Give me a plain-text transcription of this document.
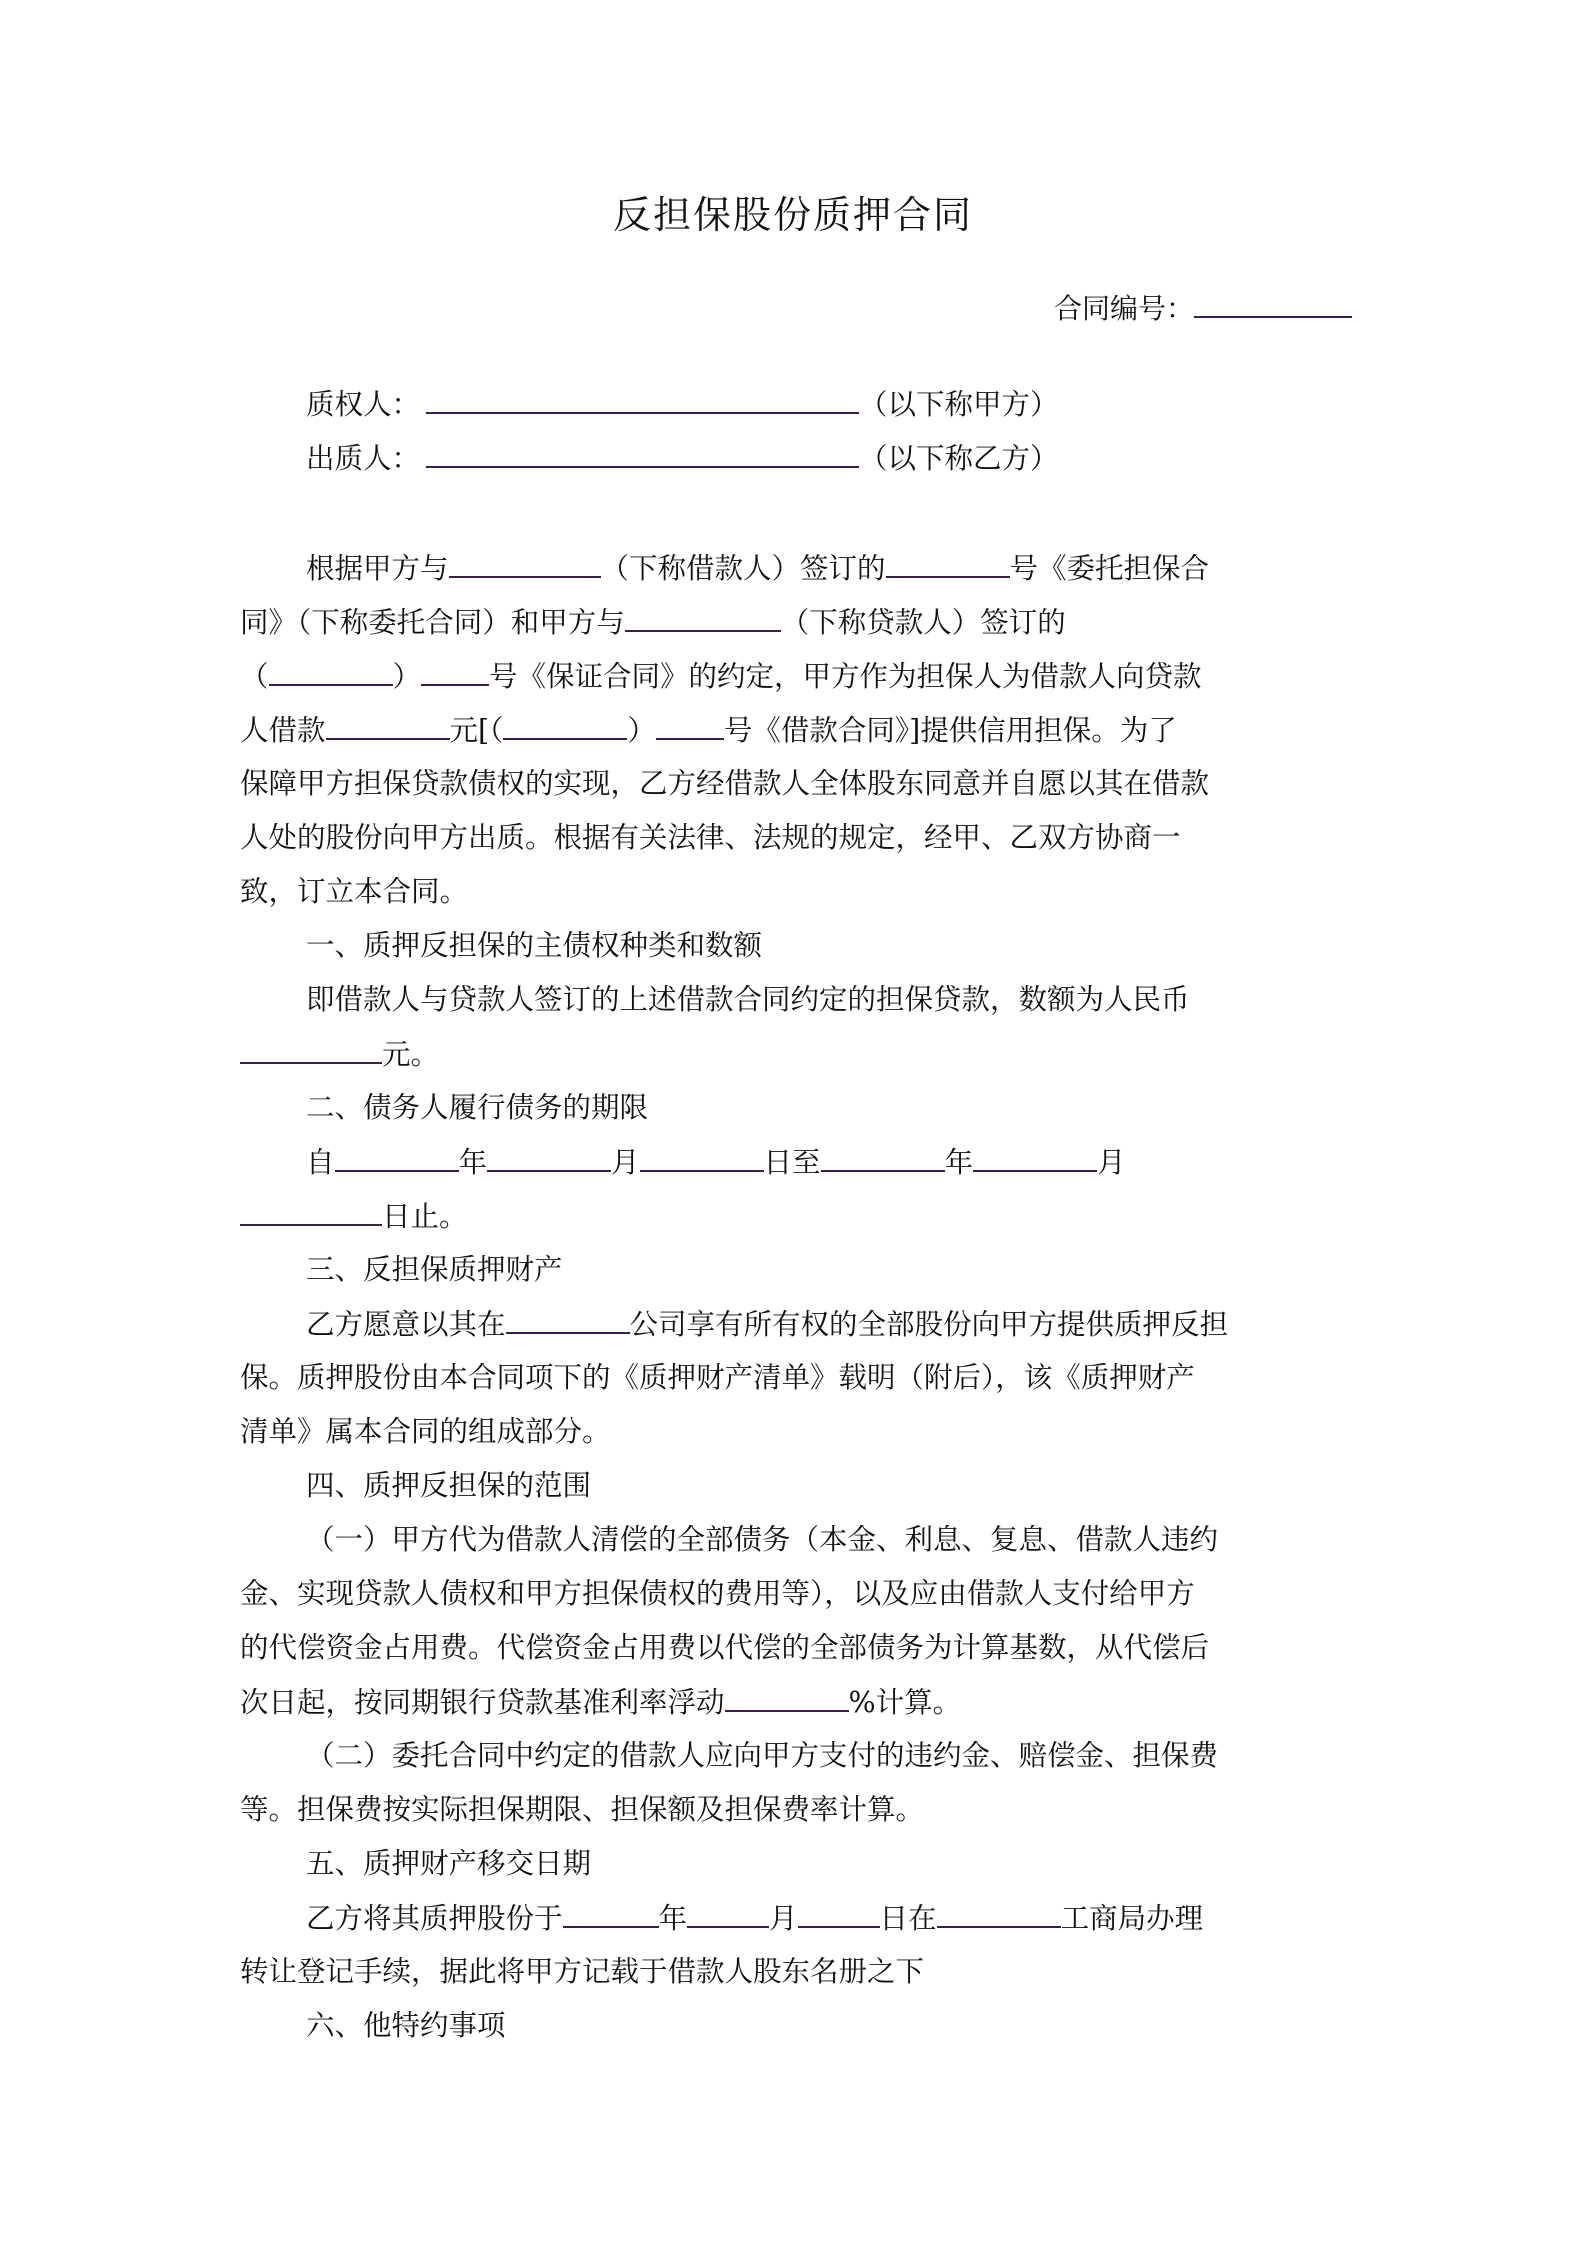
反担保股份质押合同
合同编号：
质权人：	（以下称甲方）
出质人：	（以下称乙方）
根据甲方与	（下称借款人）签订的	号《委托担保合
同》（下称委托合同）和甲方与	（下称贷款人）签订的
（	） 号《保证合同》的约定，甲方作为担保人为借款人向贷款
人借款	元[（	） 号《借款合同》]提供信用担保。为了
保障甲方担保贷款债权的实现，乙方经借款人全体股东同意并自愿以其在借款
人处的股份向甲方出质。根据有关法律、法规的规定，经甲、乙双方协商一
致，订立本合同。
一、质押反担保的主债权种类和数额
即借款人与贷款人签订的上述借款合同约定的担保贷款，数额为人民币
元。
二、债务人履行债务的期限
自	年	月	日至	年	月
日止。
三、反担保质押财产
乙方愿意以其在	公司享有所有权的全部股份向甲方提供质押反担
保。质押股份由本合同项下的《质押财产清单》载明（附后），该《质押财产
清单》属本合同的组成部分。
四、质押反担保的范围
（一）甲方代为借款人清偿的全部债务（本金、利息、复息、借款人违约
金、实现贷款人债权和甲方担保债权的费用等），以及应由借款人支付给甲方
的代偿资金占用费。代偿资金占用费以代偿的全部债务为计算基数，从代偿后
次日起，按同期银行贷款基准利率浮动	%计算。
（二）委托合同中约定的借款人应向甲方支付的违约金、赔偿金、担保费
等。担保费按实际担保期限、担保额及担保费率计算。
五、质押财产移交日期
乙方将其质押股份于	年	月	日在	工商局办理
转让登记手续，据此将甲方记载于借款人股东名册之下
六、他特约事项
